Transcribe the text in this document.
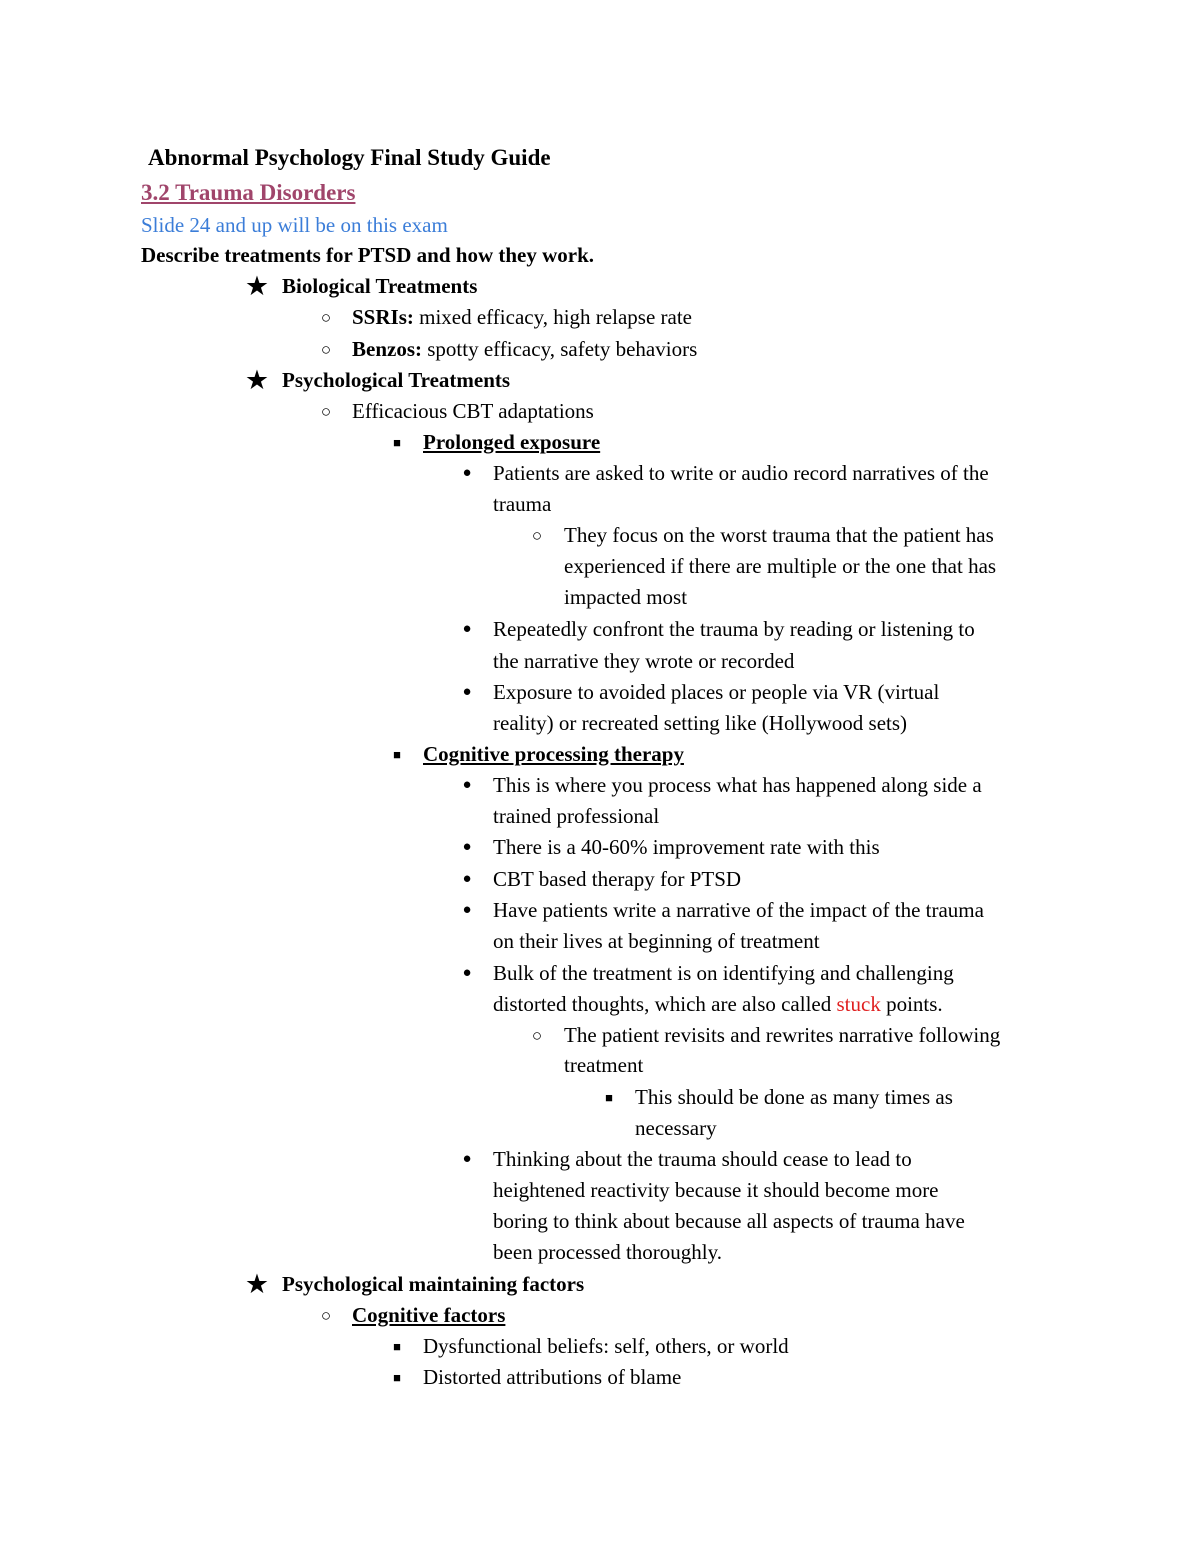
Abnormal Psychology Final Study Guide
3.2 Trauma Disorders
Slide 24 and up will be on this exam
Describe treatments for PTSD and how they work.
★ Biological Treatments
○ SSRIs: mixed efficacy, high relapse rate
○ Benzos: spotty efficacy, safety behaviors
★ Psychological Treatments
○ Efficacious CBT adaptations
■	Prolonged exposure
●	Patients are asked to write or audio record narratives of the
trauma
○	They focus on the worst trauma that the patient has
experienced if there are multiple or the one that has
impacted most
●	Repeatedly confront the trauma by reading or listening to
the narrative they wrote or recorded
●	Exposure to avoided places or people via VR (virtual
reality) or recreated setting like (Hollywood sets)
■	Cognitive processing therapy
●	This is where you process what has happened along side a
trained professional
●	There is a 40-60% improvement rate with this
●	CBT based therapy for PTSD
●	Have patients write a narrative of the impact of the trauma
on their lives at beginning of treatment
●	Bulk of the treatment is on identifying and challenging
distorted thoughts, which are also called stuck points.
○	The patient revisits and rewrites narrative following
treatment
■	This should be done as many times as
necessary
●	Thinking about the trauma should cease to lead to
heightened reactivity because it should become more
boring to think about because all aspects of trauma have
been processed thoroughly.
★ Psychological maintaining factors
○ Cognitive factors
■	Dysfunctional beliefs: self, others, or world
■	Distorted attributions of blame
